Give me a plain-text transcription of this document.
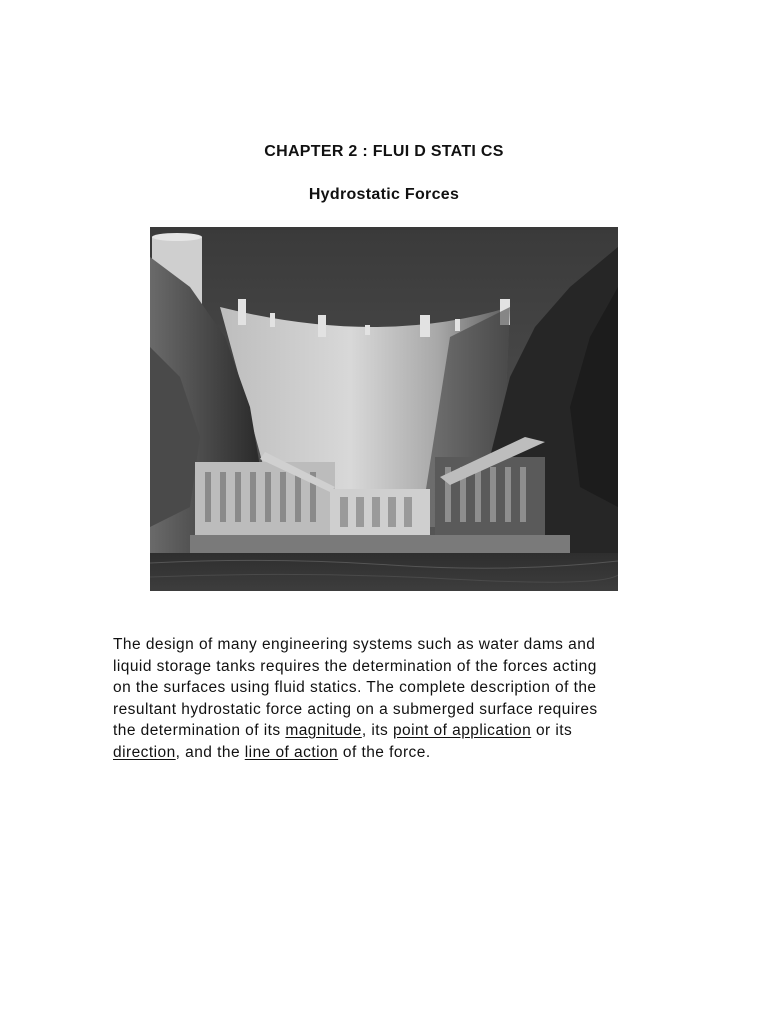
CHAPTER 2 : FLUI D STATI CS
Hydrostatic Forces
The design of many engineering systems such as water dams and
liquid storage tanks requires the determination of the forces acting
on the surfaces using fluid statics. The complete description of the
resultant hydrostatic force acting on a submerged surface requires
the determination of its magnitude, its point of application or its
direction, and the line of action of the force.
